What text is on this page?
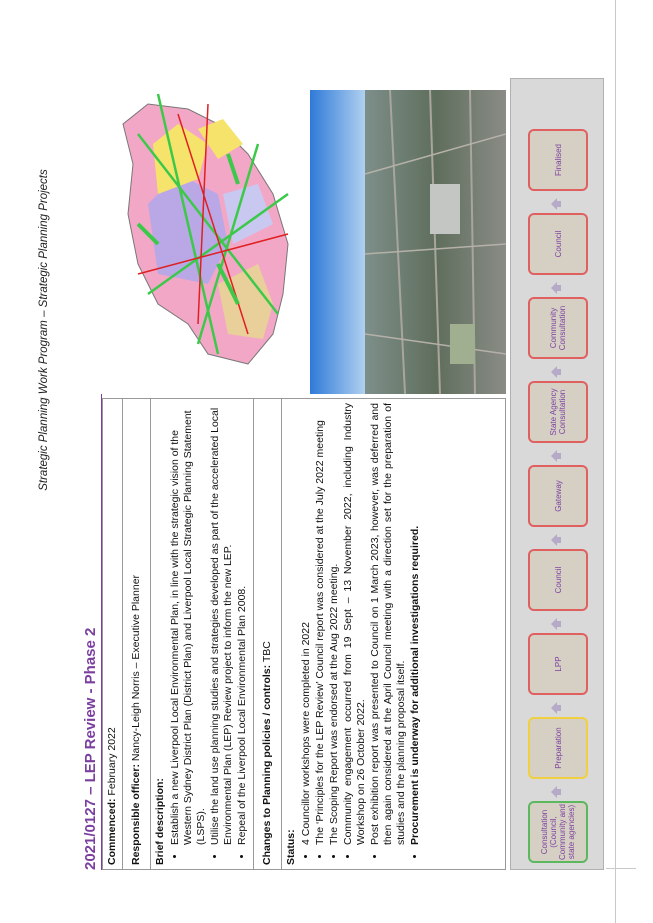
Strategic Planning Work Program – Strategic Planning Projects
2021/0127 – LEP Review - Phase 2 Commenced: February 2022
Responsible officer: Nancy-Leigh Norris – Executive Planner
Brief description: • Establish a new Liverpool Local Environmental Plan, in line with the strategic vision of the Western Sydney District Plan (District Plan) and Liverpool Local Strategic Planning Statement (LSPS). • Utilise the land use planning studies and strategies developed as part of the accelerated Local Environmental Plan (LEP) Review project to inform the new LEP. • Repeal of the Liverpool Local Environmental Plan 2008.	Changes to Planning policies / controls: TBC
Status:
• 4 Councillor workshops were completed in 2022 • The ‘Principles for the LEP Review’ Council report was considered at the July 2022 meeting • The Scoping Report was endorsed at the Aug 2022 meeting. • Community engagement occurred from 19 Sept – 13 November 2022, including Industry Workshop on 26 October 2022. • Post exhibition report was presented to Council on 1 March 2023, however, was deferred and then again considered at the April Council meeting with a direction set for the preparation of studies and the planning proposal itself. • Procurement is underway for additional investigations required.	Consultation (Council, Community and state agencies)
Preparation
LPP
Council
Gateway
State Agency Consultation
Community Consultation
Council
Finalised
